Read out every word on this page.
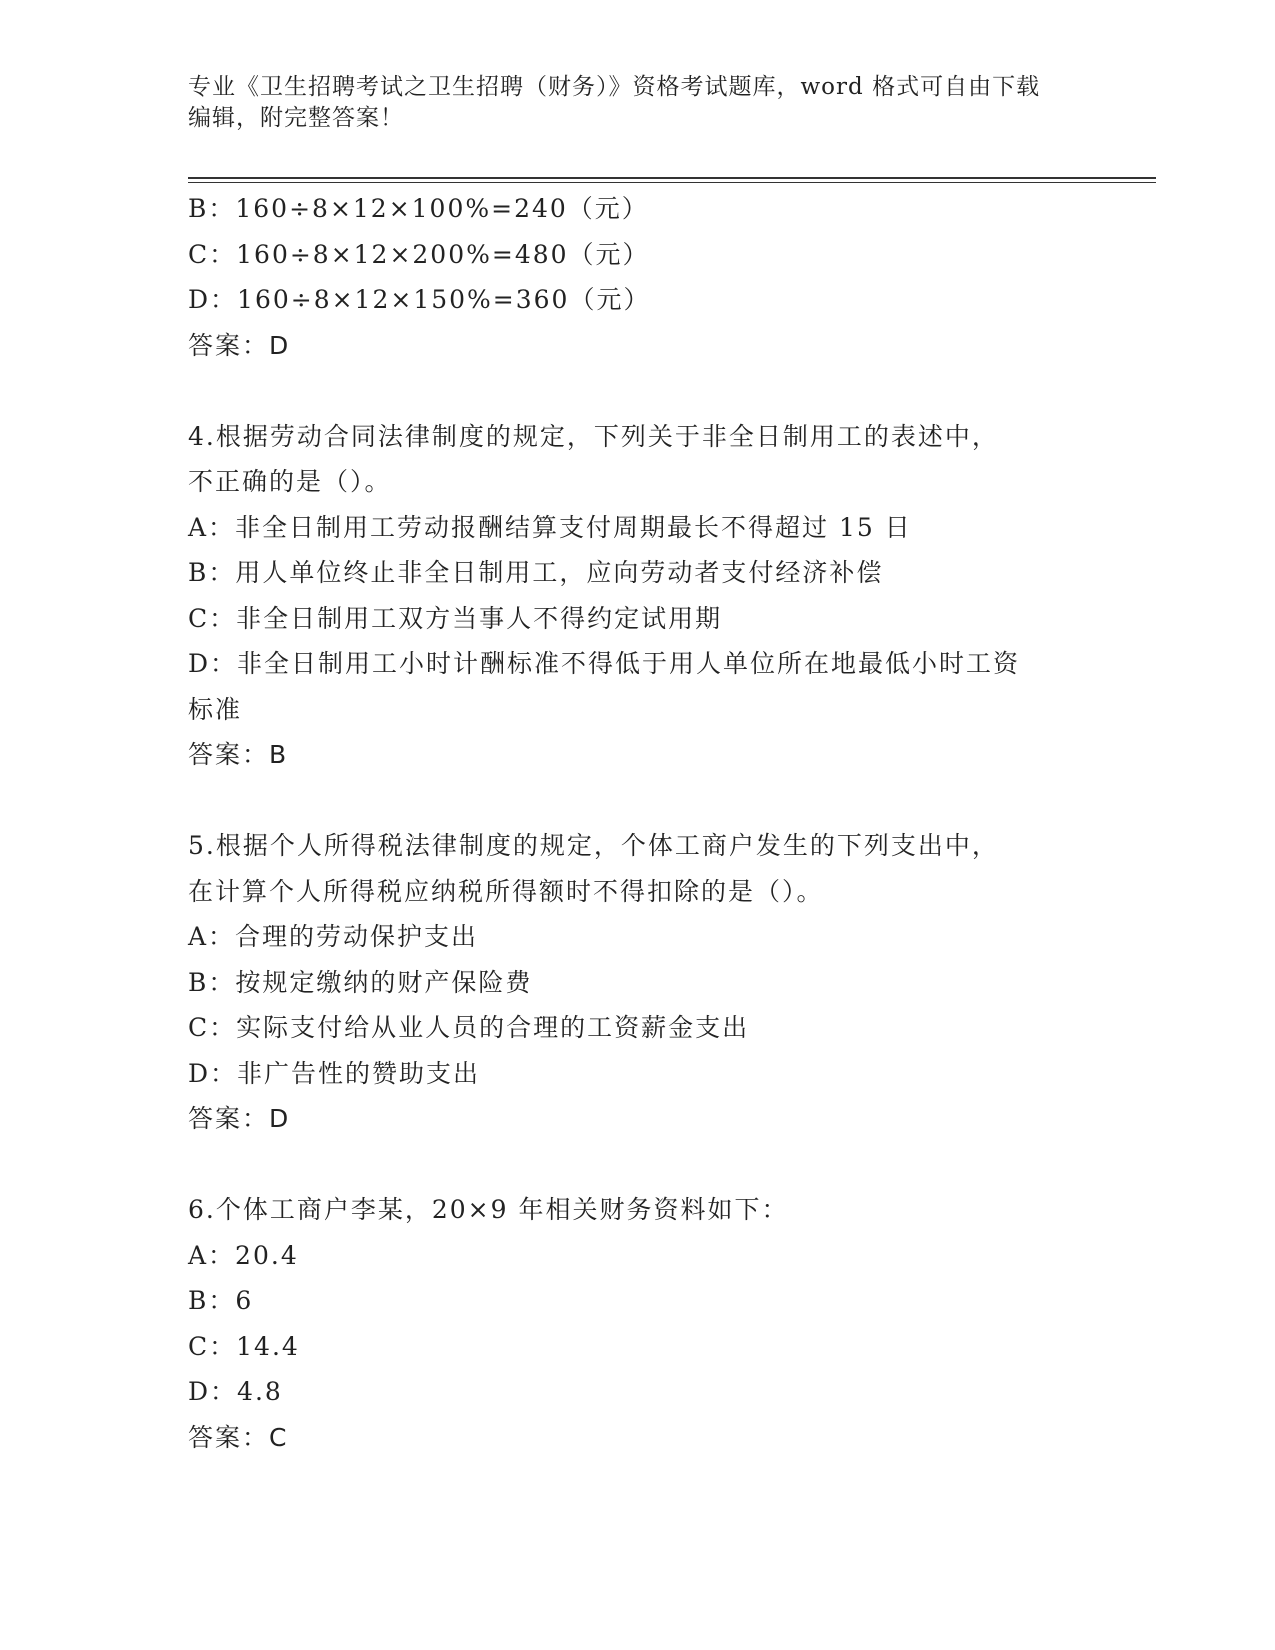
专业《卫生招聘考试之卫生招聘（财务）》资格考试题库，word 格式可自由下载
编辑，附完整答案！
B：160÷8×12×100%=240（元）
C：160÷8×12×200%=480（元）
D：160÷8×12×150%=360（元）
答案：D
4.根据劳动合同法律制度的规定，下列关于非全日制用工的表述中，
不正确的是（）。
A：非全日制用工劳动报酬结算支付周期最长不得超过 15 日
B：用人单位终止非全日制用工，应向劳动者支付经济补偿
C：非全日制用工双方当事人不得约定试用期
D：非全日制用工小时计酬标准不得低于用人单位所在地最低小时工资
标准
答案：B
5.根据个人所得税法律制度的规定，个体工商户发生的下列支出中，
在计算个人所得税应纳税所得额时不得扣除的是（）。
A：合理的劳动保护支出
B：按规定缴纳的财产保险费
C：实际支付给从业人员的合理的工资薪金支出
D：非广告性的赞助支出
答案：D
6.个体工商户李某，20×9 年相关财务资料如下：
A：20.4
B：6
C：14.4
D：4.8
答案：C
